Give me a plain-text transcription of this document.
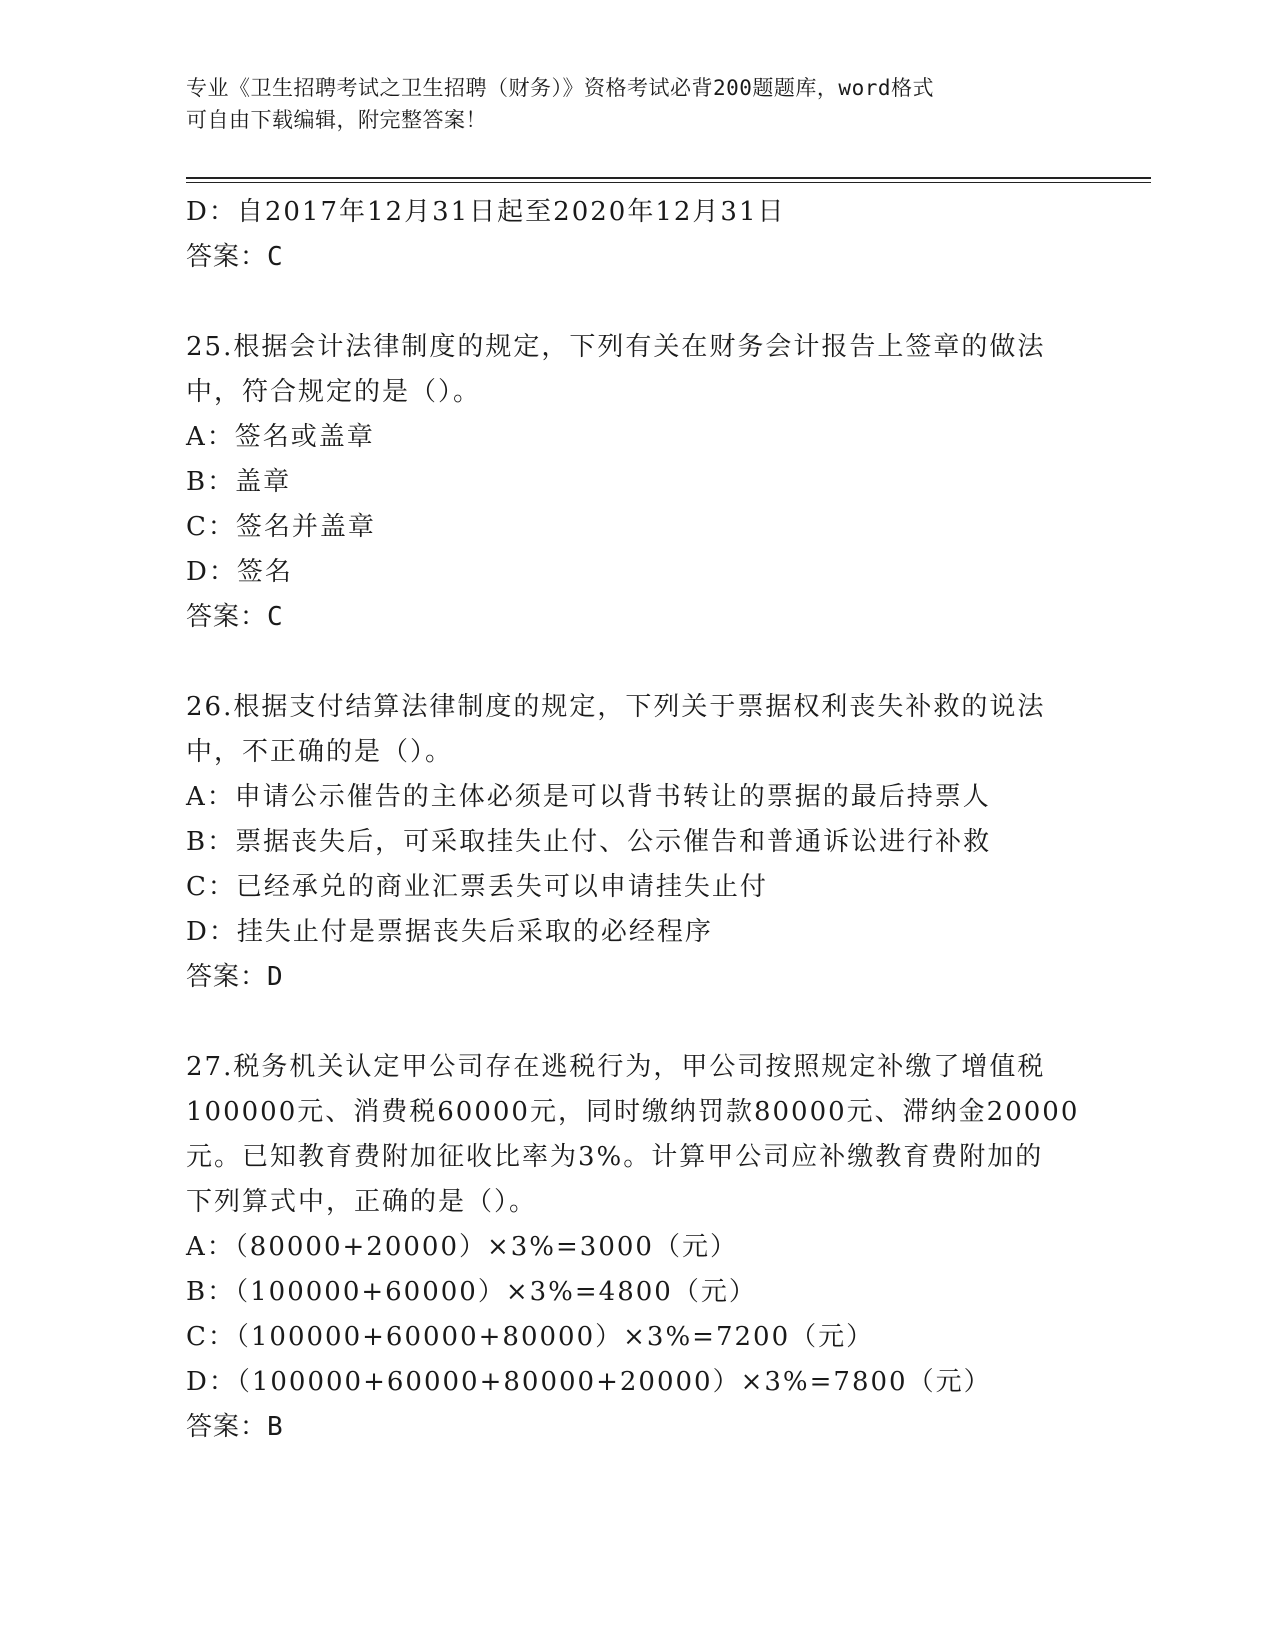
专业《卫生招聘考试之卫生招聘（财务）》资格考试必背200题题库，word格式
可自由下载编辑，附完整答案！
D：自2017年12月31日起至2020年12月31日
答案：C
25.根据会计法律制度的规定，下列有关在财务会计报告上签章的做法
中，符合规定的是（）。
A：签名或盖章
B：盖章
C：签名并盖章
D：签名
答案：C
26.根据支付结算法律制度的规定，下列关于票据权利丧失补救的说法
中，不正确的是（）。
A：申请公示催告的主体必须是可以背书转让的票据的最后持票人
B：票据丧失后，可采取挂失止付、公示催告和普通诉讼进行补救
C：已经承兑的商业汇票丢失可以申请挂失止付
D：挂失止付是票据丧失后采取的必经程序
答案：D
27.税务机关认定甲公司存在逃税行为，甲公司按照规定补缴了增值税
100000元、消费税60000元，同时缴纳罚款80000元、滞纳金20000
元。已知教育费附加征收比率为3%。计算甲公司应补缴教育费附加的
下列算式中，正确的是（）。
A：（80000+20000）×3%=3000（元）
B：（100000+60000）×3%=4800（元）
C：（100000+60000+80000）×3%=7200（元）
D：（100000+60000+80000+20000）×3%=7800（元）
答案：B
